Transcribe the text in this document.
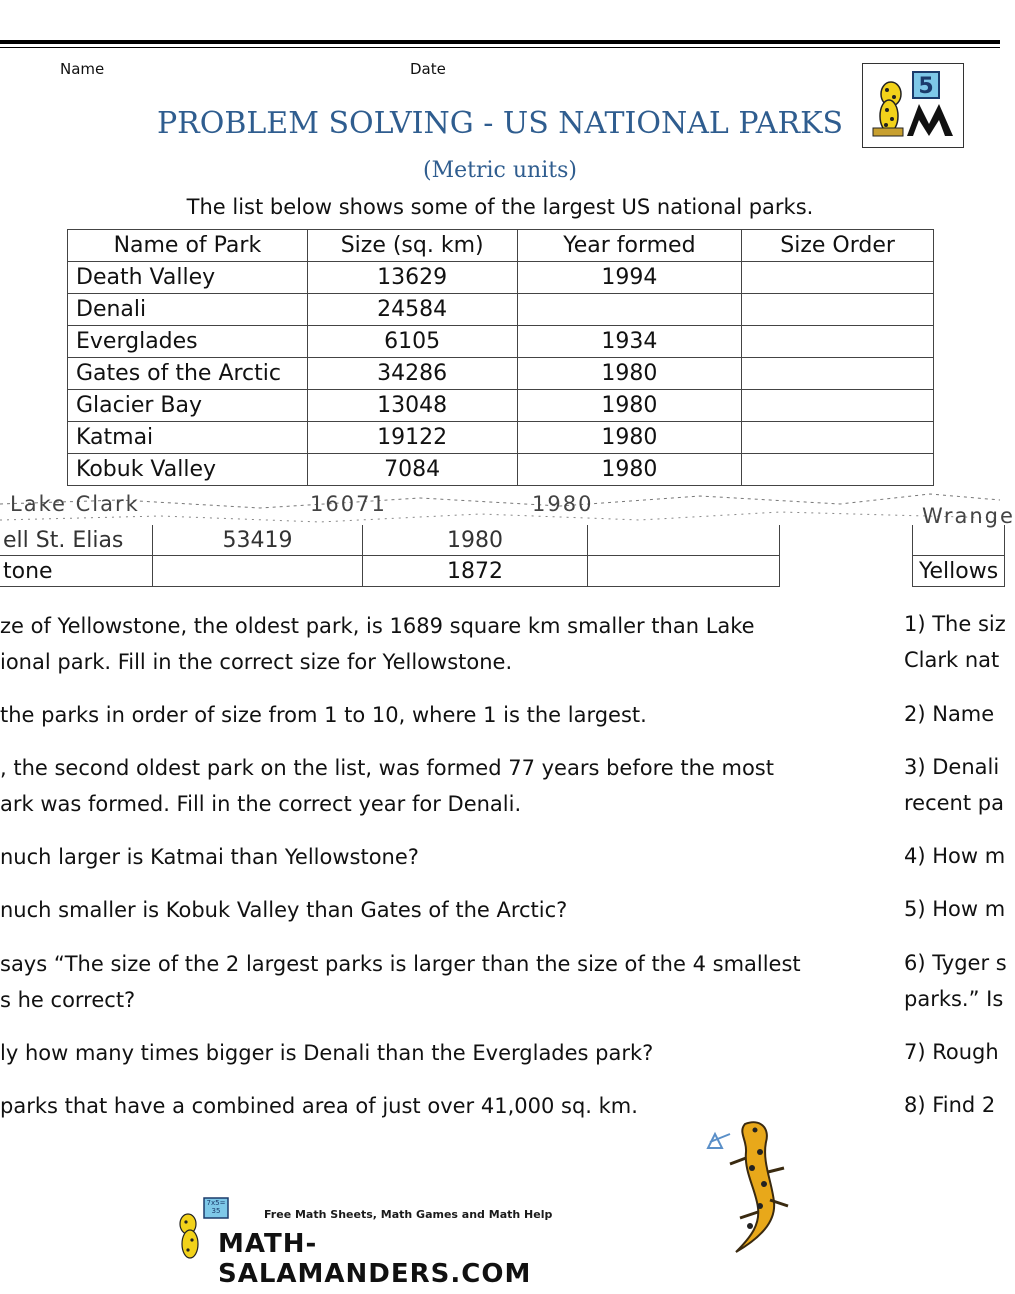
Name	Date
5
PROBLEM SOLVING - US NATIONAL PARKS
(Metric units)
The list below shows some of the largest US national parks.
Name of Park	Size (sq. km)	Year formed	Size Order
Death Valley	13629	1994	
Denali	24584		
Everglades	6105	1934	
Gates of the Arctic	34286	1980	
Glacier Bay	13048	1980	
Katmai	19122	1980	
Kobuk Valley	7084	1980	
Lake Clark	16071	1980	Wrange
ell St. Elias	53419	1980	
tone		1872		Yellows
ze of Yellowstone, the oldest park, is 1689 square km smaller than Lake
ional park. Fill in the correct size for Yellowstone.
the parks in order of size from 1 to 10, where 1 is the largest.
, the second oldest park on the list, was formed 77 years before the most
ark was formed. Fill in the correct year for Denali.
nuch larger is Katmai than Yellowstone?
nuch smaller is Kobuk Valley than Gates of the Arctic?
says “The size of the 2 largest parks is larger than the size of the 4 smallest
s he correct?
ly how many times bigger is Denali than the Everglades park?
parks that have a combined area of just over 41,000 sq. km.
1) The siz
Clark nat
2) Name
3) Denali
recent pa
4) How m
5) How m
6) Tyger s
parks.” Is
7) Rough
8) Find 2
7x5= 35	Free Math Sheets, Math Games and Math Help
MATH-SALAMANDERS.COM
